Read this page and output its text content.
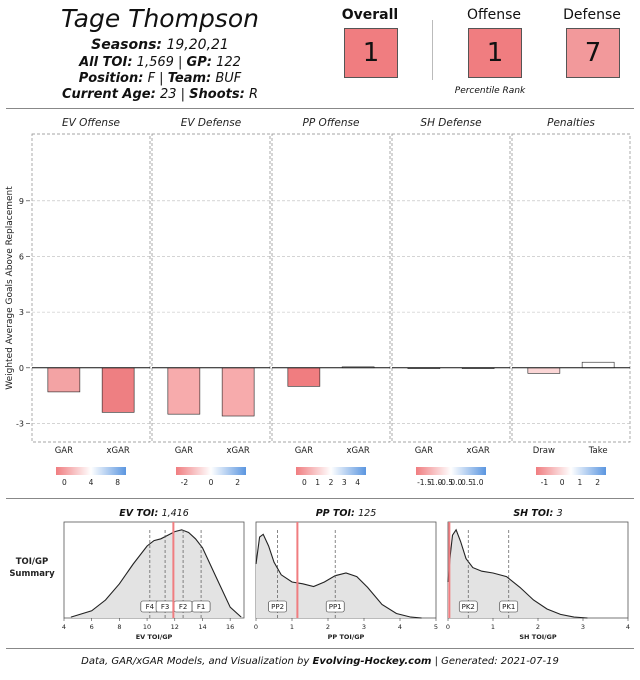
Tage Thompson
Seasons: 19,20,21
All TOI: 1,569 | GP: 122
Position: F | Team: BUF
Current Age: 23 | Shoots: R
Overall
1
Offense
1
Defense
7
Percentile Rank
Weighted Average Goals Above Replacement
-3
0
3
6
9
EV Offense
GAR	xGAR
0	4	8
EV Defense
GAR	xGAR
-2	0	2
PP Offense
GAR	xGAR
0 1 2 3 4
SH Defense
GAR	xGAR
-1.5
-1.0
-0.5
0.0
0.5
1.0
Penalties
Draw	Take
-1 0 1 2
TOI/GP
Summary
EV TOI: 1,416
F4 F3 F2 F1
4	6	8	10	12	14	16
EV TOI/GP
PP TOI: 125
PP2	PP1
0	1	2	3	4	5
PP TOI/GP
SH TOI: 3
PK2	PK1
0	1	2	3	4
SH TOI/GP
Data, GAR/xGAR Models, and Visualization by Evolving-Hockey.com | Generated: 2021-07-19
